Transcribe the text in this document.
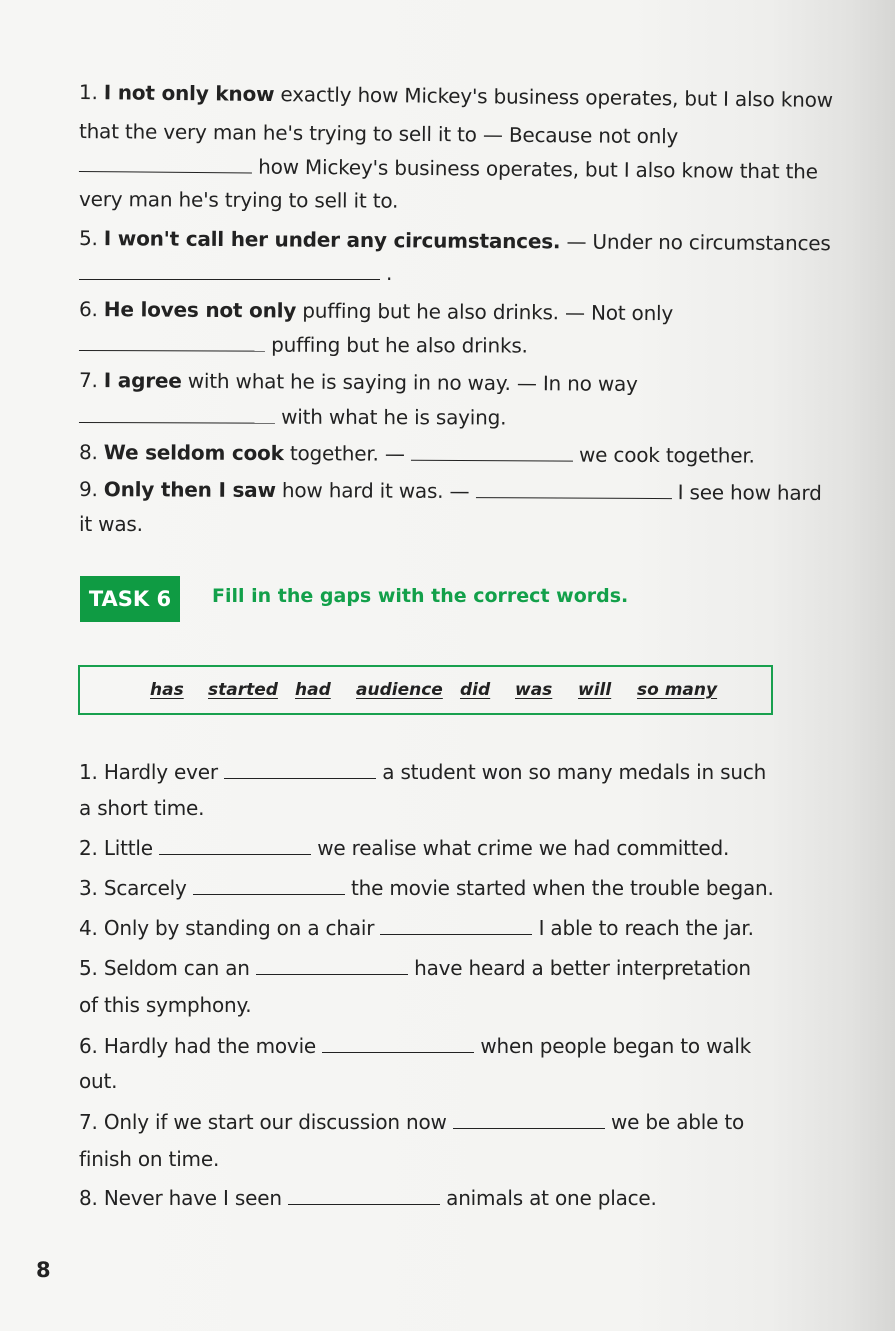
1. I not only know exactly how Mickey's business operates, but I also know
that the very man he's trying to sell it to — Because not only
how Mickey's business operates, but I also know that the
very man he's trying to sell it to.
5. I won't call her under any circumstances. — Under no circumstances
.
6. He loves not only puffing but he also drinks. — Not only
puffing but he also drinks.
7. I agree with what he is saying in no way. — In no way
with what he is saying.
8. We seldom cook together. —	we cook together.
9. Only then I saw how hard it was. —	I see how hard
it was.
TASK 6	Fill in the gaps with the correct words.
has started had audience did was will so many
1. Hardly ever	a student won so many medals in such
a short time.
2. Little	we realise what crime we had committed.
3. Scarcely	the movie started when the trouble began.
4. Only by standing on a chair	I able to reach the jar.
5. Seldom can an	have heard a better interpretation
of this symphony.
6. Hardly had the movie	when people began to walk
out.
7. Only if we start our discussion now	we be able to
finish on time.
8. Never have I seen	animals at one place.
8
